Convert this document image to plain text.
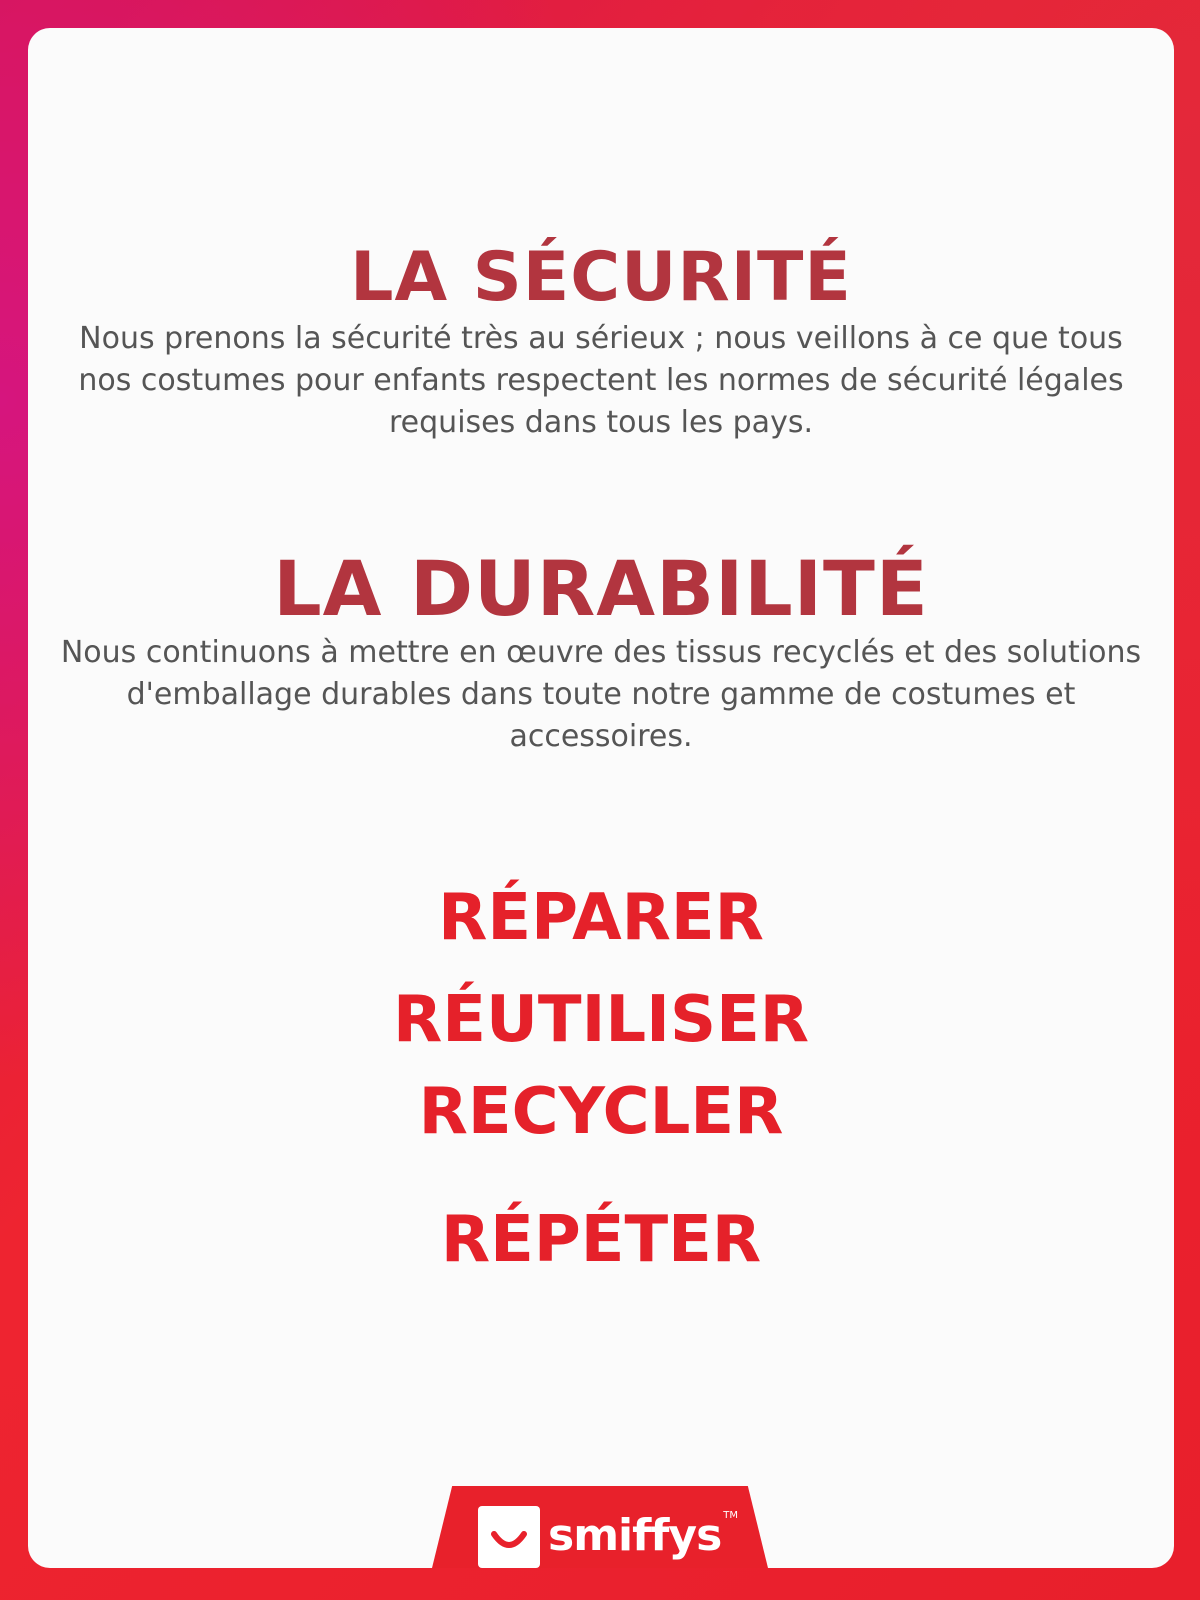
LA SÉCURITÉ

Nous prenons la sécurité très au sérieux ; nous veillons à ce que tous nos costumes pour enfants respectent les normes de sécurité légales requises dans tous les pays.

LA DURABILITÉ

Nous continuons à mettre en œuvre des tissus recyclés et des solutions d'emballage durables dans toute notre gamme de costumes et accessoires.

RÉPARER

RÉUTILISER

RECYCLER

RÉPÉTER

smiffys TM
